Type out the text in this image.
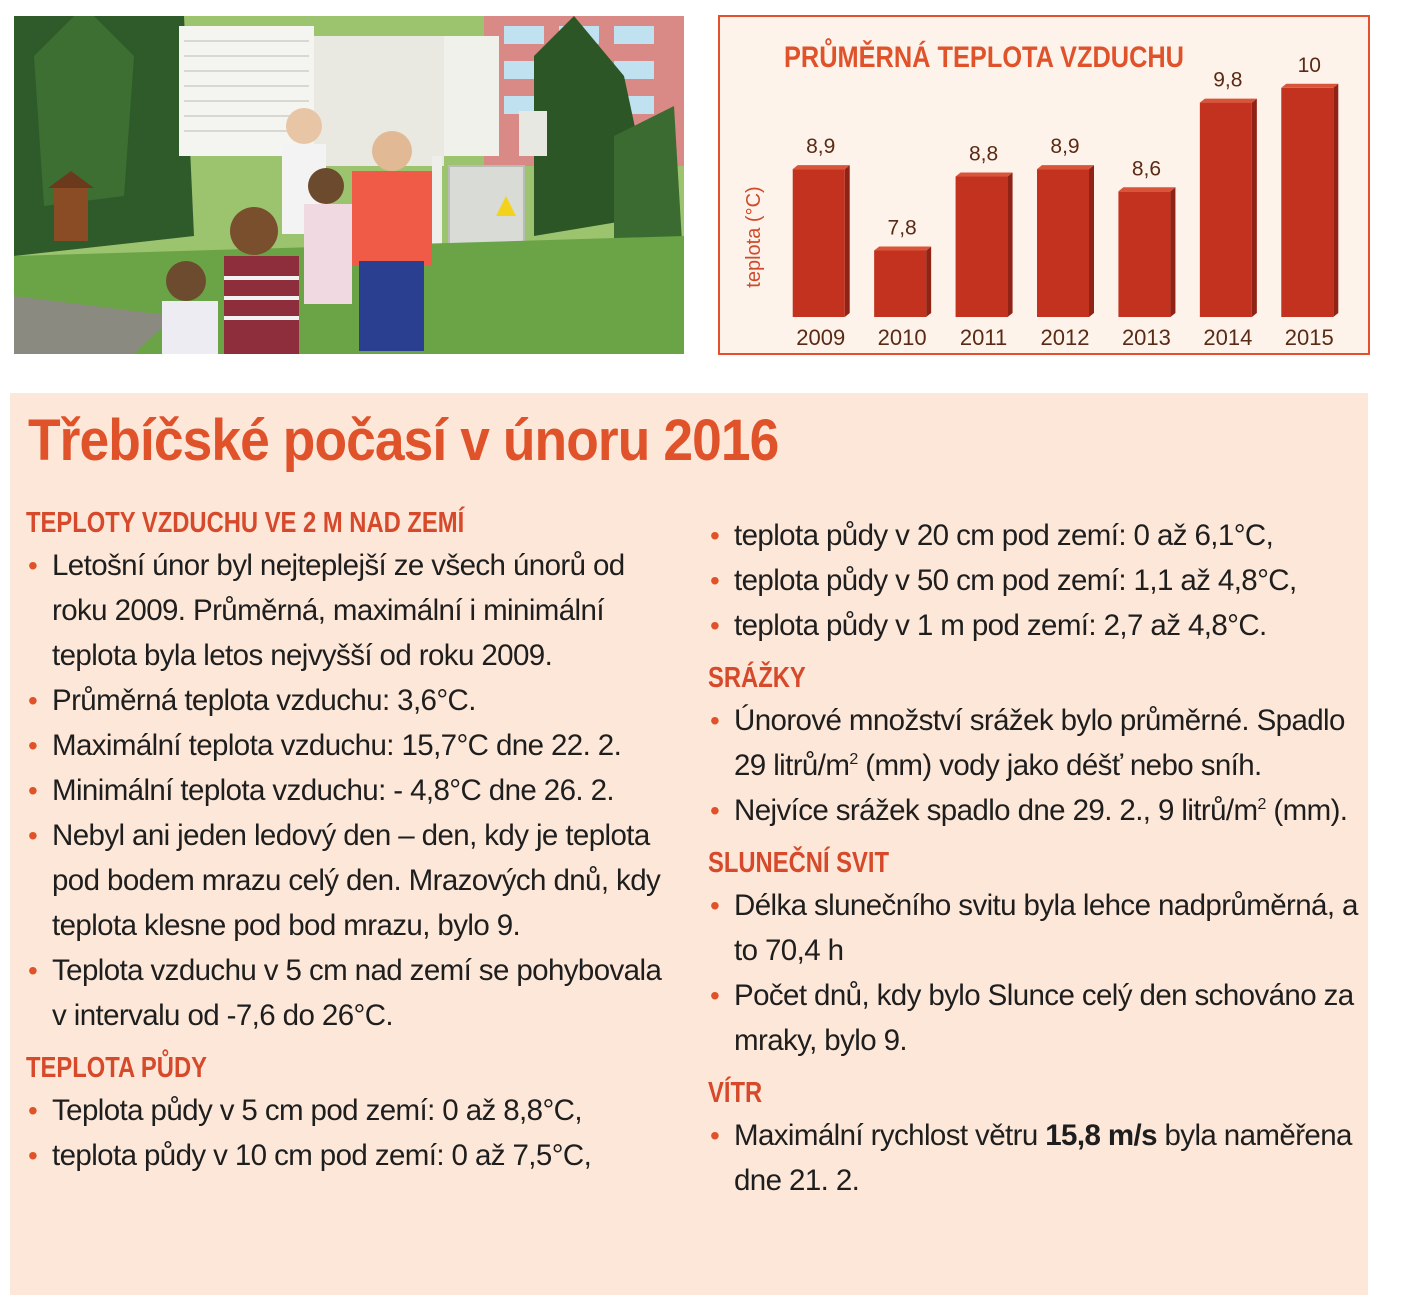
PRŮMĚRNÁ TEPLOTA VZDUCHU
teplota (°C)
8,9
2009
7,8
2010
8,8
2011
8,9
2012
8,6
2013
9,8
2014
10
2015
Třebíčské počasí v únoru 2016
TEPLOTY VZDUCHU VE 2 M NAD ZEMÍ
• Letošní únor byl nejteplejší ze všech únorů od roku 2009. Průměrná, maximální i minimální teplota byla letos nejvyšší od roku 2009.
• Průměrná teplota vzduchu: 3,6°C.
• Maximální teplota vzduchu: 15,7°C dne 22. 2.
• Minimální teplota vzduchu: - 4,8°C dne 26. 2.
• Nebyl ani jeden ledový den – den, kdy je teplota pod bodem mrazu celý den. Mrazových dnů, kdy teplota klesne pod bod mrazu, bylo 9.
• Teplota vzduchu v 5 cm nad zemí se pohybovala v intervalu od -7,6 do 26°C.
TEPLOTA PŮDY
• Teplota půdy v 5 cm pod zemí: 0 až 8,8°C,
• teplota půdy v 10 cm pod zemí: 0 až 7,5°C,
• teplota půdy v 20 cm pod zemí: 0 až 6,1°C,
• teplota půdy v 50 cm pod zemí: 1,1 až 4,8°C,
• teplota půdy v 1 m pod zemí: 2,7 až 4,8°C.
SRÁŽKY
• Únorové množství srážek bylo průměrné. Spadlo 29 litrů/$m^2$ (mm) vody jako déšť nebo sníh.
• Nejvíce srážek spadlo dne 29. 2., 9 litrů/$m^2$ (mm).
SLUNEČNÍ SVIT
• Délka slunečního svitu byla lehce nadprůměrná, a to 70,4 h
• Počet dnů, kdy bylo Slunce celý den schováno za mraky, bylo 9.
VÍTR
• Maximální rychlost větru 15,8 m/s byla naměřena dne 21. 2.
